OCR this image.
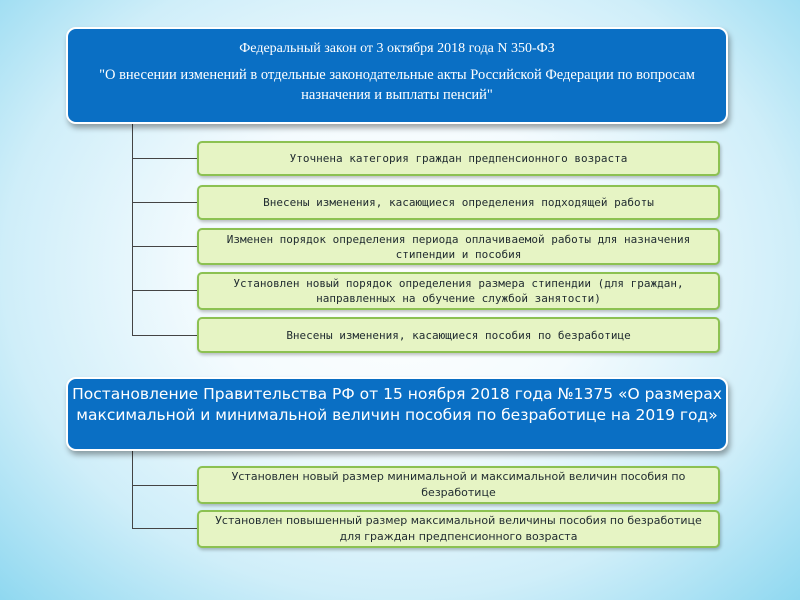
Федеральный закон от 3 октября 2018 года N 350-ФЗ
"О внесении изменений в отдельные законодательные акты Российской Федерации по вопросам назначения и выплаты пенсий"
Уточнена категория граждан предпенсионного возраста
Внесены изменения, касающиеся определения подходящей работы
Изменен порядок определения периода оплачиваемой работы для назначения стипендии и пособия
Установлен новый порядок определения размера стипендии (для граждан, направленных на обучение службой занятости)
Внесены изменения, касающиеся пособия по безработице
Постановление Правительства РФ от 15 ноября 2018 года №1375 «О размерах максимальной и минимальной величин пособия по безработице на 2019 год»
Установлен новый размер минимальной и максимальной величин пособия по безработице
Установлен повышенный размер максимальной величины пособия по безработице для граждан предпенсионного возраста
